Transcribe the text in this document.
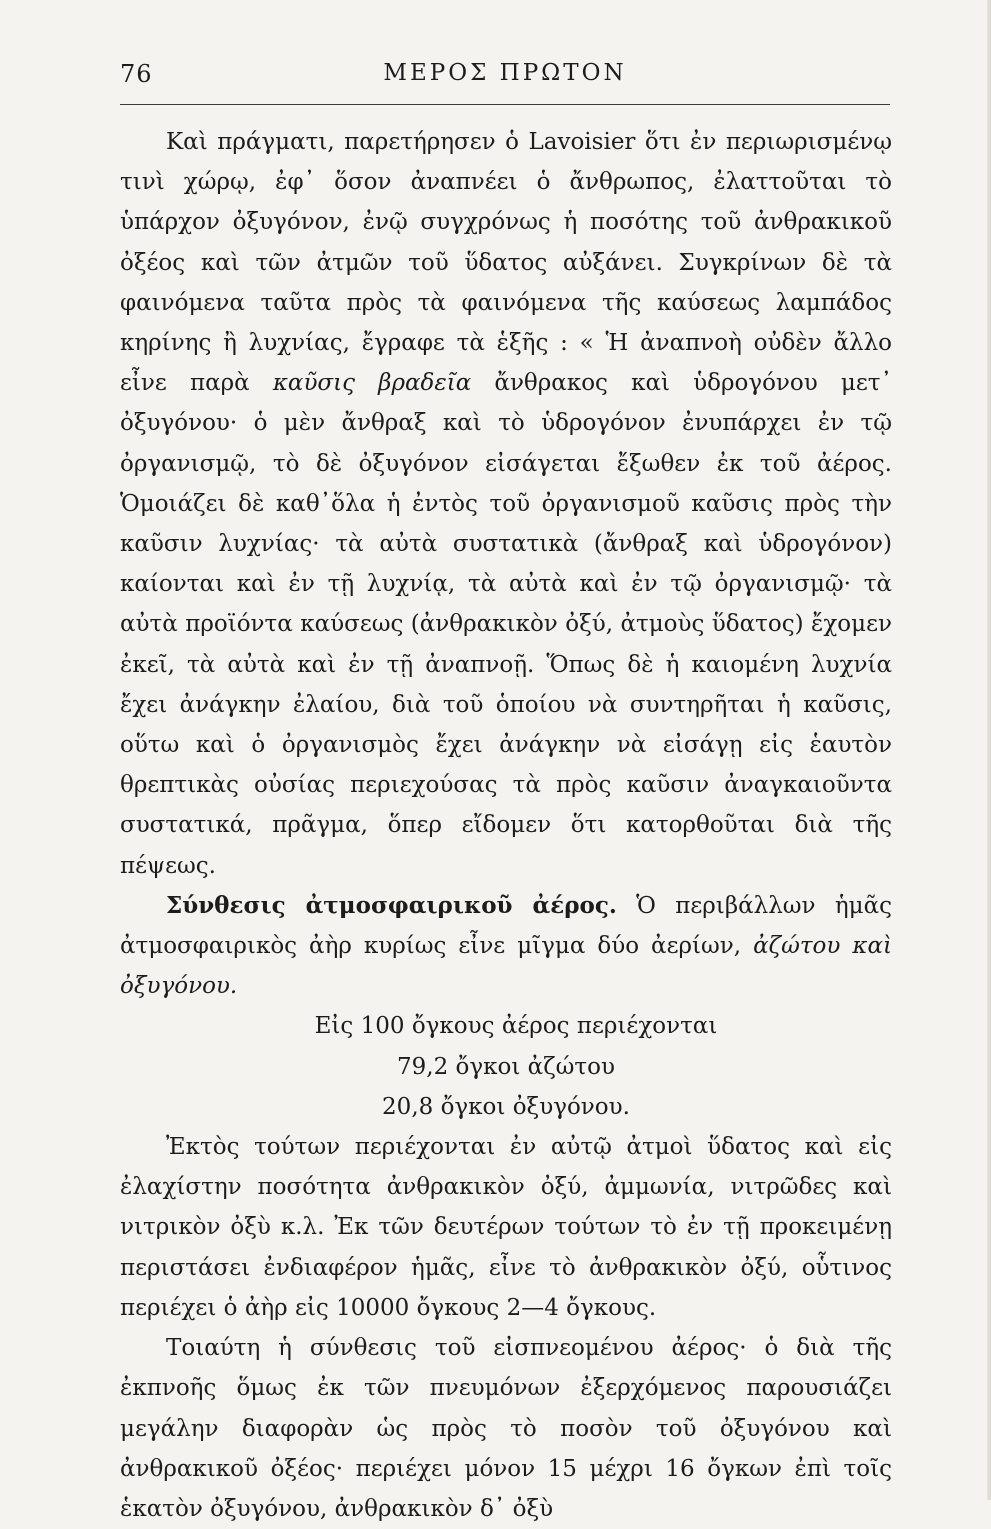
76	ΜΕΡΟΣ ΠΡΩΤΟΝ

Καὶ πράγματι, παρετήρησεν ὁ Lavoisier ὅτι ἐν περιωρισμένῳ τινὶ χώρῳ, ἐφ᾽ ὅσον ἀναπνέει ὁ ἄνθρωπος, ἐλαττοῦται τὸ ὑπάρχον ὀξυγόνον, ἐνῷ συγχρόνως ἡ ποσότης τοῦ ἀνθρακικοῦ ὀξέος καὶ τῶν ἀτμῶν τοῦ ὕδατος αὐξάνει. Συγκρίνων δὲ τὰ φαινόμενα ταῦτα πρὸς τὰ φαινόμενα τῆς καύσεως λαμπάδος κηρίνης ἢ λυχνίας, ἔγραφε τὰ ἑξῆς : « Ἡ ἀναπνοὴ οὐδὲν ἄλλο εἶνε παρὰ καῦσις βραδεῖα ἄνθρακος καὶ ὑδρογόνου μετ᾽ ὀξυγόνου· ὁ μὲν ἄνθραξ καὶ τὸ ὑδρογόνον ἐνυπάρχει ἐν τῷ ὀργανισμῷ, τὸ δὲ ὀξυγόνον εἰσάγεται ἔξωθεν ἐκ τοῦ ἀέρος. Ὁμοιάζει δὲ καθ᾽ὅλα ἡ ἐντὸς τοῦ ὀργανισμοῦ καῦσις πρὸς τὴν καῦσιν λυχνίας· τὰ αὐτὰ συστατικὰ (ἄνθραξ καὶ ὑδρογόνον) καίονται καὶ ἐν τῇ λυχνίᾳ, τὰ αὐτὰ καὶ ἐν τῷ ὀργανισμῷ· τὰ αὐτὰ προϊόντα καύσεως (ἀνθρακικὸν ὀξύ, ἀτμοὺς ὕδατος) ἔχομεν ἐκεῖ, τὰ αὐτὰ καὶ ἐν τῇ ἀναπνοῇ. Ὅπως δὲ ἡ καιομένη λυχνία ἔχει ἀνάγκην ἐλαίου, διὰ τοῦ ὁποίου νὰ συντηρῆται ἡ καῦσις, οὕτω καὶ ὁ ὀργανισμὸς ἔχει ἀνάγκην νὰ εἰσάγῃ εἰς ἑαυτὸν θρεπτικὰς οὐσίας περιεχούσας τὰ πρὸς καῦσιν ἀναγκαιοῦντα συστατικά, πρᾶγμα, ὅπερ εἴδομεν ὅτι κατορθοῦται διὰ τῆς πέψεως.

Σύνθεσις ἀτμοσφαιρικοῦ ἀέρος. Ὁ περιβάλλων ἡμᾶς ἀτμοσφαιρικὸς ἀὴρ κυρίως εἶνε μῖγμα δύο ἀερίων, ἀζώτου καὶ ὀξυγόνου.

Εἰς 100 ὄγκους ἀέρος περιέχονται
79,2 ὄγκοι ἀζώτου
20,8 ὄγκοι ὀξυγόνου.

Ἐκτὸς τούτων περιέχονται ἐν αὐτῷ ἀτμοὶ ὕδατος καὶ εἰς ἐλαχίστην ποσότητα ἀνθρακικὸν ὀξύ, ἀμμωνία, νιτρῶδες καὶ νιτρικὸν ὀξὺ κ.λ. Ἐκ τῶν δευτέρων τούτων τὸ ἐν τῇ προκειμένῃ περιστάσει ἐνδιαφέρον ἡμᾶς, εἶνε τὸ ἀνθρακικὸν ὀξύ, οὗτινος περιέχει ὁ ἀὴρ εἰς 10000 ὄγκους 2—4 ὄγκους.

Τοιαύτη ἡ σύνθεσις τοῦ εἰσπνεομένου ἀέρος· ὁ διὰ τῆς ἐκπνοῆς ὅμως ἐκ τῶν πνευμόνων ἐξερχόμενος παρουσιάζει μεγάλην διαφορὰν ὡς πρὸς τὸ ποσὸν τοῦ ὀξυγόνου καὶ ἀνθρακικοῦ ὀξέος· περιέχει μόνον 15 μέχρι 16 ὄγκων ἐπὶ τοῖς ἑκατὸν ὀξυγόνου, ἀνθρακικὸν δ᾽ ὀξὺ
